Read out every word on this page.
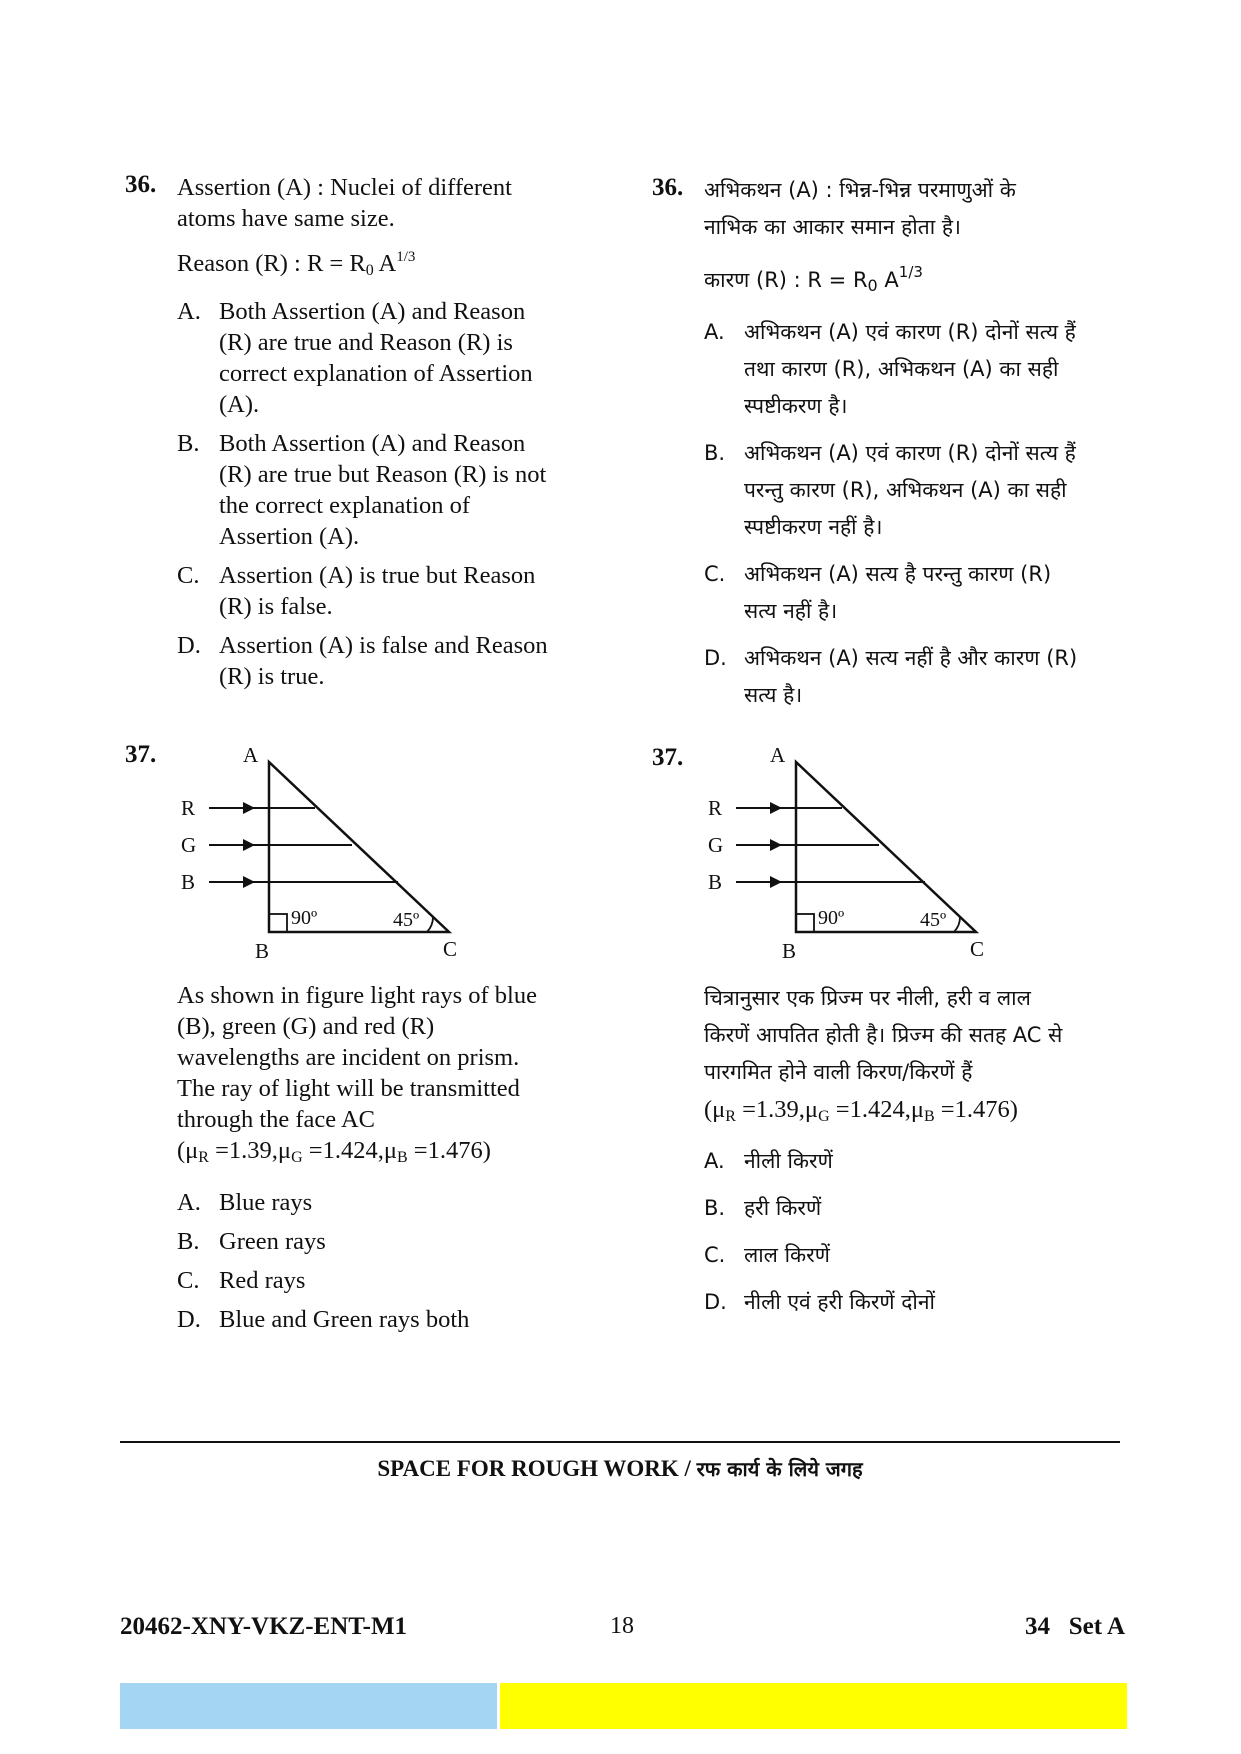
36. Assertion (A) : Nuclei of different
atoms have same size.
Reason (R) : $R = R_0$ $A^{1/3}$
A. Both Assertion (A) and Reason
(R) are true and Reason (R) is
correct explanation of Assertion
(A).
B. Both Assertion (A) and Reason
(R) are true but Reason (R) is not
the correct explanation of
Assertion (A).
C. Assertion (A) is true but Reason
(R) is false.
D. Assertion (A) is false and Reason
(R) is true.
37.	A
R
G
B
90º	45º
B	C
As shown in figure light rays of blue
(B), green (G) and red (R)
wavelengths are incident on prism.
The ray of light will be transmitted
through the face AC
$(\mu_R =1.39,\mu_G =1.424,\mu_B =1.476)$
A. Blue rays
B. Green rays
C. Red rays
D. Blue and Green rays both
36. अभिकथन (A) : भिन्न-भिन्न परमाणुओं के
नाभिक का आकार समान होता है।
कारण (R) : $R = R_0$ $A^{1/3}$
A. अभिकथन (A) एवं कारण (R) दोनों सत्य हैं
तथा कारण (R), अभिकथन (A) का सही
स्पष्टीकरण है।
B. अभिकथन (A) एवं कारण (R) दोनों सत्य हैं
परन्तु कारण (R), अभिकथन (A) का सही
स्पष्टीकरण नहीं है।
C. अभिकथन (A) सत्य है परन्तु कारण (R)
सत्य नहीं है।
D. अभिकथन (A) सत्य नहीं है और कारण (R)
सत्य है।
37.	A
R
G
B
90º	45º
B	C
चित्रानुसार एक प्रिज्म पर नीली, हरी व लाल
किरणें आपतित होती है। प्रिज्म की सतह AC से
पारगमित होने वाली किरण/किरणें हैं
$(\mu_R =1.39,\mu_G =1.424,\mu_B =1.476)$
A. नीली किरणें
B. हरी किरणें
C. लाल किरणें
D. नीली एवं हरी किरणें दोनों
SPACE FOR ROUGH WORK / रफ कार्य के लिये जगह
20462-XNY-VKZ-ENT-M1	18	34   Set A
